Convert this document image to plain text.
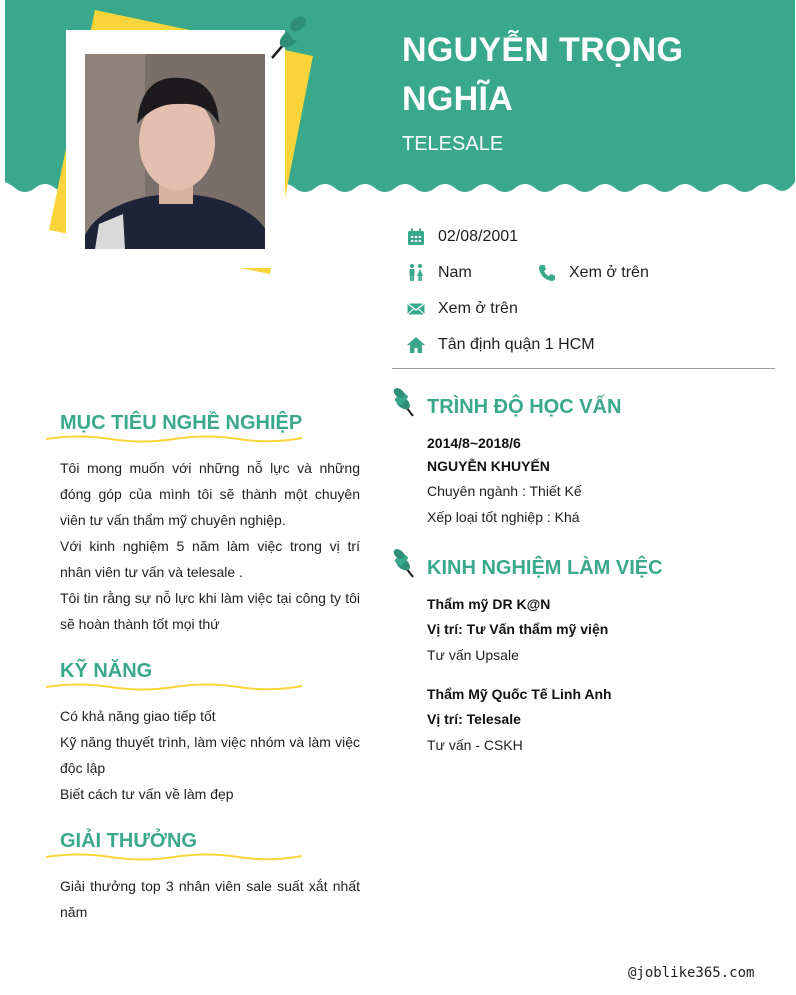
NGUYỄN TRỌNG NGHĨA
TELESALE
02/08/2001
Nam	Xem ở trên
Xem ở trên
Tân định quận 1 HCM
MỤC TIÊU NGHỀ NGHIỆP

Tôi mong muốn với những nỗ lực và những đóng góp của mình tôi sẽ thành một chuyên viên tư vấn thẩm mỹ chuyên nghiệp.

Với kinh nghiệm 5 năm làm việc trong vị trí nhân viên tư vấn và telesale .

Tôi tin rằng sự nỗ lực khi làm việc tại công ty tôi sẽ hoàn thành tốt mọi thứ

KỸ NĂNG

Có khả năng giao tiếp tốt

Kỹ năng thuyết trình, làm việc nhóm và làm việc độc lập

Biết cách tư vấn về làm đẹp

GIẢI THƯỞNG

Giải thưởng top 3 nhân viên sale suất xắt nhất năm

TRÌNH ĐỘ HỌC VẤN
2014/8~2018/6
NGUYỄN KHUYẾN
Chuyên ngành : Thiết Kế
Xếp loại tốt nghiệp : Khá
KINH NGHIỆM LÀM VIỆC
Thẩm mỹ DR K@N
Vị trí: Tư Vấn thẩm mỹ viện
Tư vấn Upsale
Thẩm Mỹ Quốc Tế Linh Anh
Vị trí: Telesale
Tư vấn - CSKH
@joblike365.com
